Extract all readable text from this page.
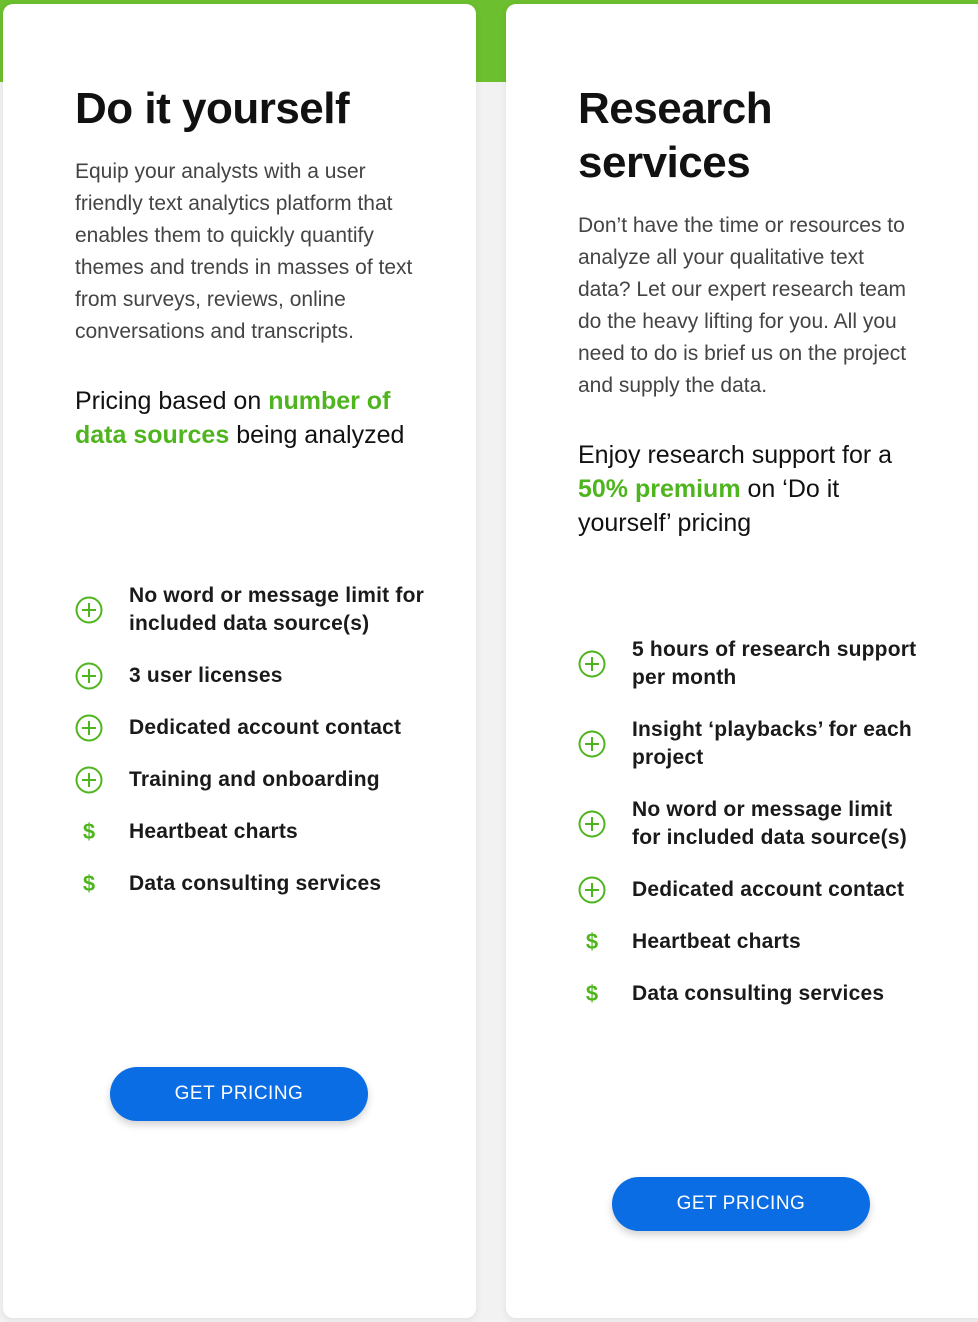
Do it yourself

Equip your analysts with a user friendly text analytics platform that enables them to quickly quantify themes and trends in masses of text from surveys, reviews, online conversations and transcripts.

Pricing based on number of data sources being analyzed
No word or message limit for included data source(s)
3 user licenses
Dedicated account contact
Training and onboarding
$	Heartbeat charts
$	Data consulting services
GET PRICING
Research services

Don’t have the time or resources to analyze all your qualitative text data? Let our expert research team do the heavy lifting for you. All you need to do is brief us on the project and supply the data.

Enjoy research support for a 50% premium on ‘Do it yourself’ pricing
5 hours of research support per month
Insight ‘playbacks’ for each project
No word or message limit for included data source(s)
Dedicated account contact
$	Heartbeat charts
$	Data consulting services
GET PRICING
